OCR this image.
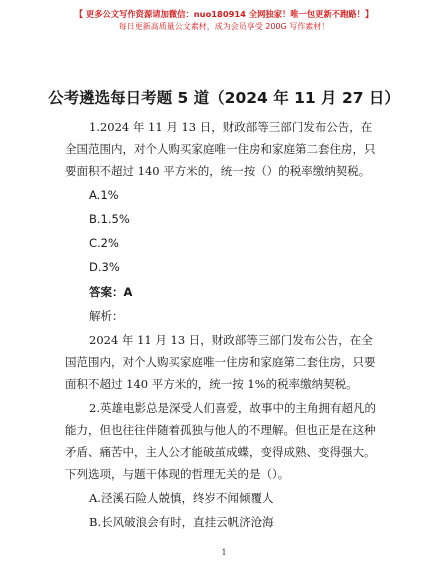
【 更多公文写作资源请加微信：nuo180914 全网独家！唯一包更新不跑路！】
每日更新高质量公文素材，成为会员享受 200G 写作素材！
公考遴选每日考题 5 道（2024 年 11 月 27 日）
1.2024 年 11 月 13 日，财政部等三部门发布公告，在
全国范围内，对个人购买家庭唯一住房和家庭第二套住房，只
要面积不超过 140 平方米的，统一按（）的税率缴纳契税。
A.1%
B.1.5%
C.2%
D.3%
答案：A
解析：
2024 年 11 月 13 日，财政部等三部门发布公告，在全
国范围内，对个人购买家庭唯一住房和家庭第二套住房，只要
面积不超过 140 平方米的，统一按 1%的税率缴纳契税。
2.英雄电影总是深受人们喜爱，故事中的主角拥有超凡的
能力，但也往往伴随着孤独与他人的不理解。但也正是在这种
矛盾、痛苦中，主人公才能破茧成蝶，变得成熟、变得强大。
下列选项，与题干体现的哲理无关的是（）。
A.泾溪石险人兢慎，终岁不闻倾覆人
B.长风破浪会有时，直挂云帆济沧海
1
